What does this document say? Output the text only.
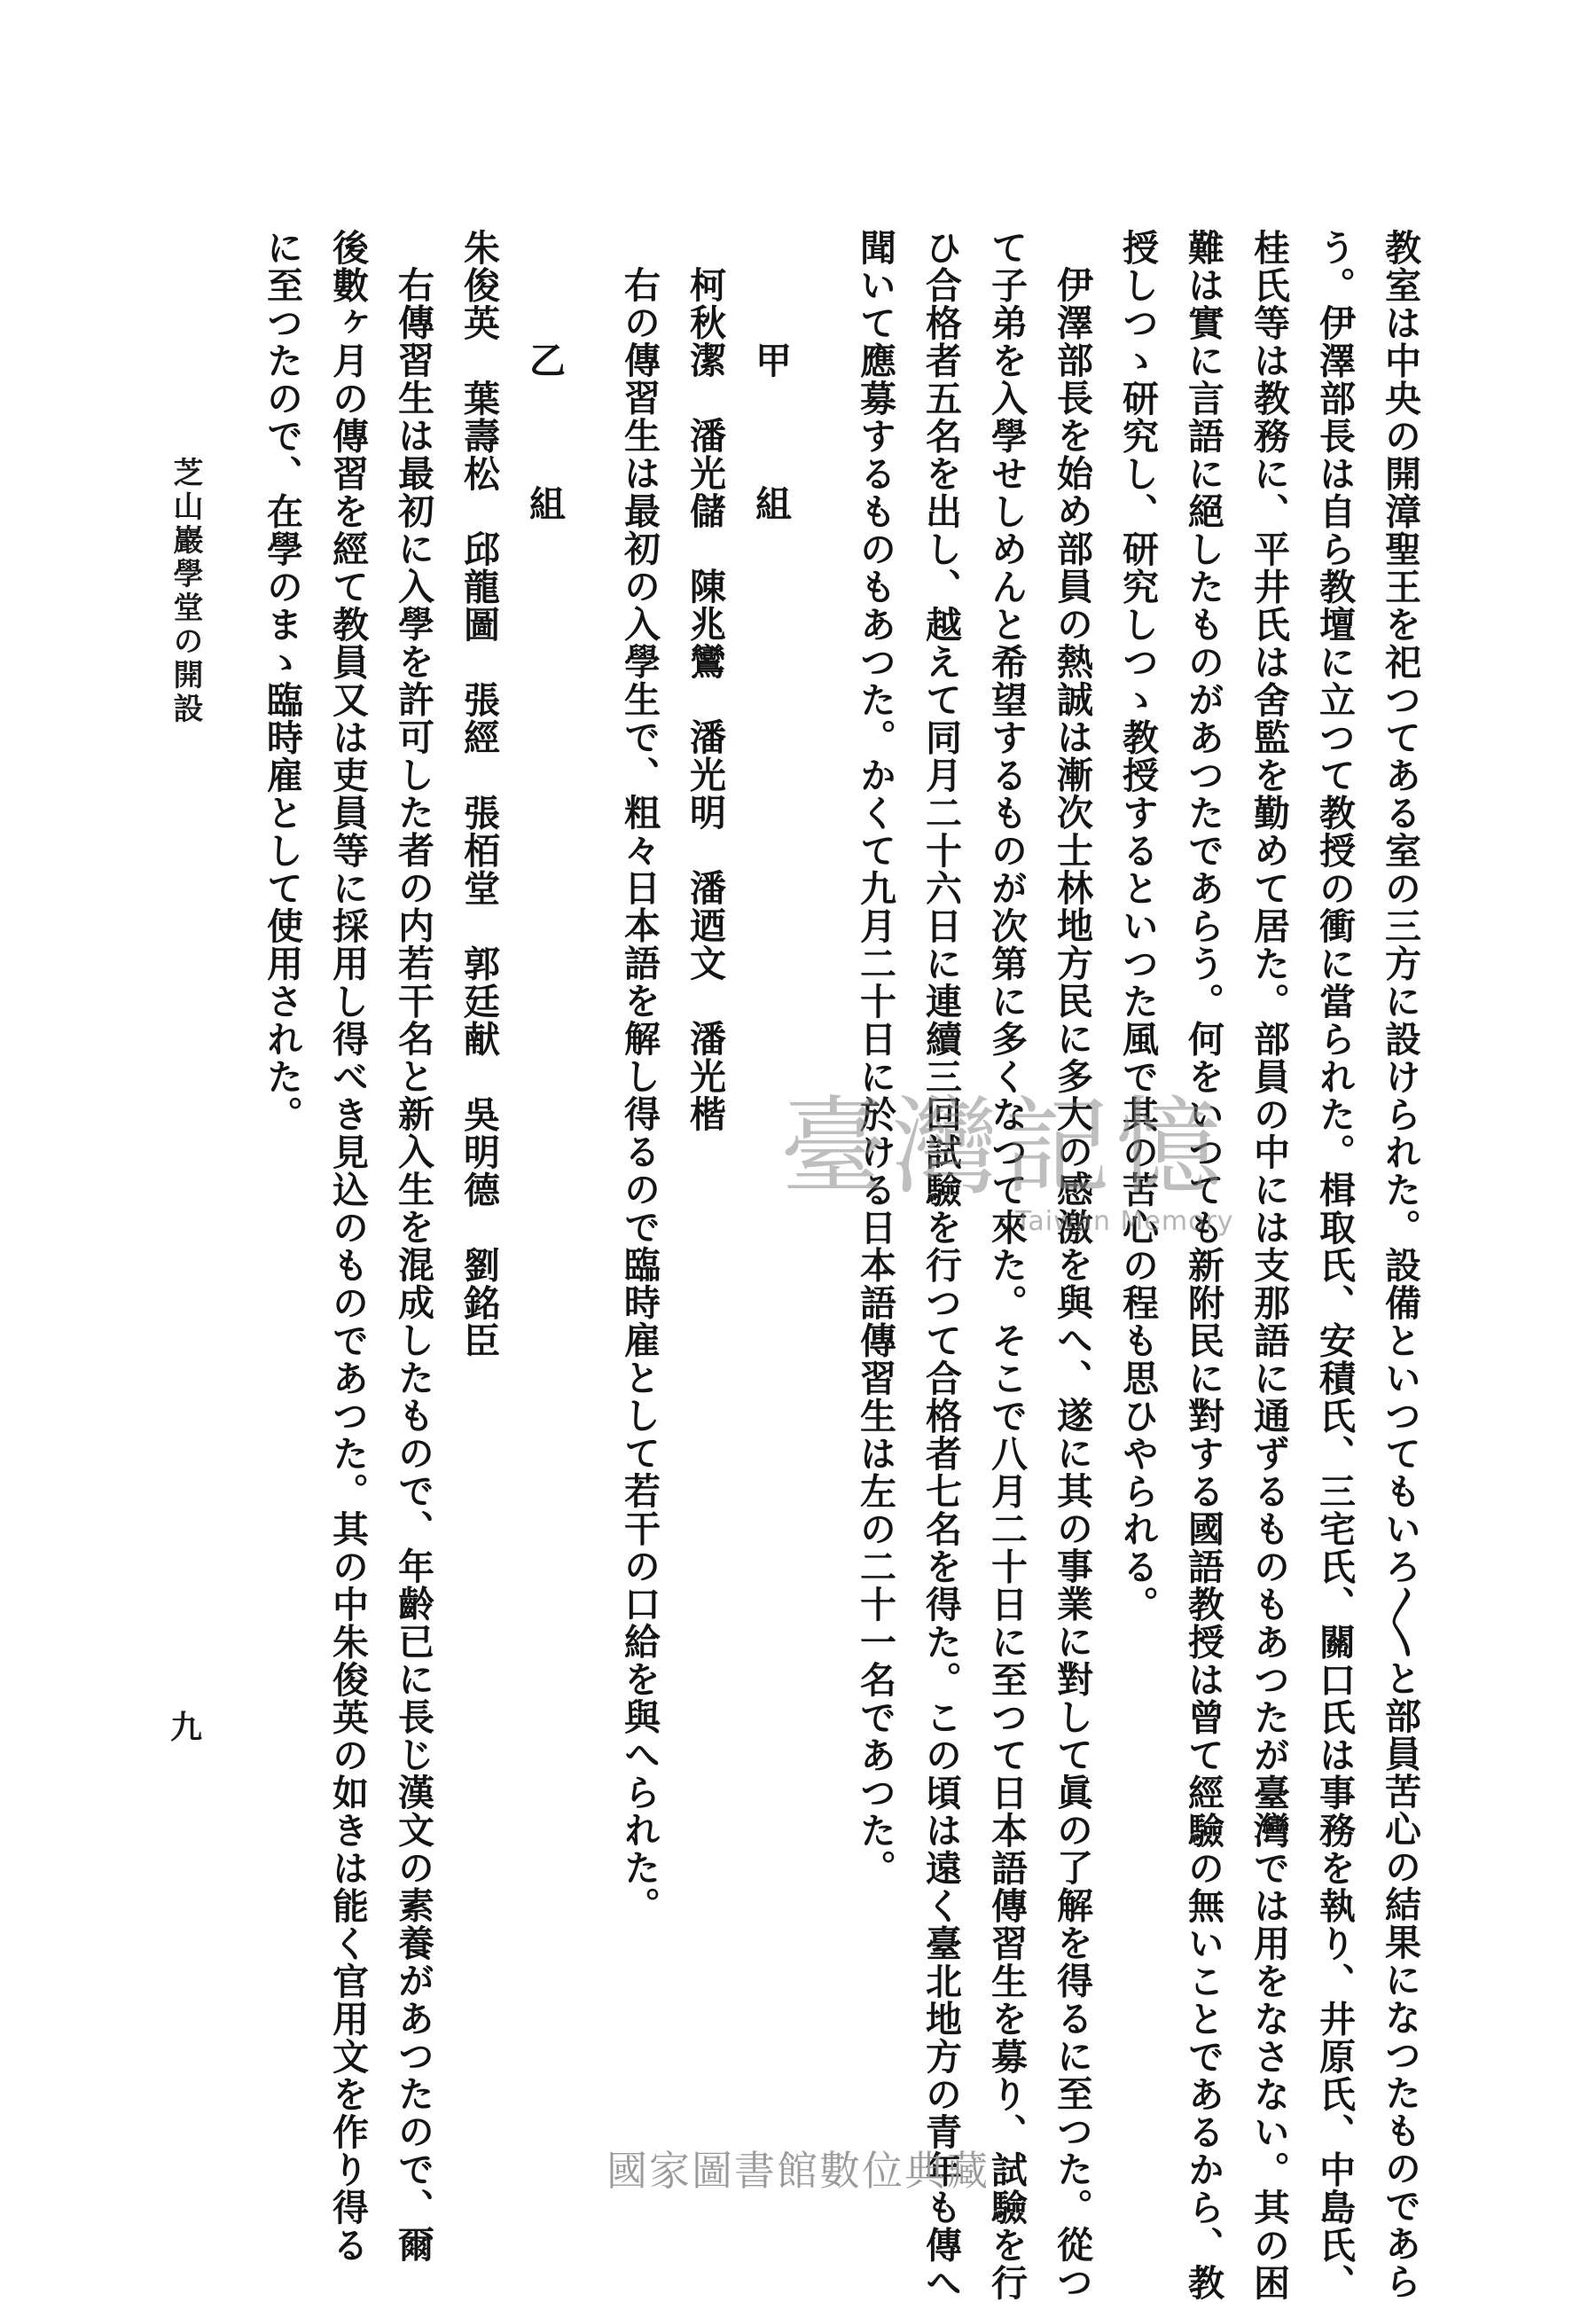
教室は中央の開漳聖王を祀つてある室の三方に設けられた。設備といつてもいろ〳〵と部員苦心の結果になつたものであら
う。伊澤部長は自ら教壇に立つて教授の衝に當られた。楫取氏、安積氏、三宅氏、關口氏は事務を執り、井原氏、中島氏、
桂氏等は教務に、平井氏は舍監を勤めて居た。部員の中には支那語に通ずるものもあつたが臺灣では用をなさない。其の困
難は實に言語に絕したものがあつたであらう。何をいつても新附民に對する國語教授は曾て經驗の無いことであるから、教
授しつゝ研究し、研究しつゝ教授するといつた風で其の苦心の程も思ひやられる。
伊澤部長を始め部員の熱誠は漸次士林地方民に多大の感激を與へ、遂に其の事業に對して眞の了解を得るに至つた。從つ
て子弟を入學せしめんと希望するものが次第に多くなつて來た。そこで八月二十日に至つて日本語傳習生を募り、試驗を行
ひ合格者五名を出し、越えて同月二十六日に連續三回試驗を行つて合格者七名を得た。この頃は遠く臺北地方の青年も傳へ
聞いて應募するものもあつた。かくて九月二十日に於ける日本語傳習生は左の二十一名であつた。
甲　組
柯秋潔　潘光儲　陳兆鸞　潘光明　潘迺文　潘光楷
右の傳習生は最初の入學生で、粗々日本語を解し得るので臨時雇として若干の口給を與へられた。
乙　組
朱俊英　葉壽松　邱龍圖　張經　張栢堂　郭廷献　吳明德　劉銘臣
右傳習生は最初に入學を許可した者の内若干名と新入生を混成したもので、年齡已に長じ漢文の素養があつたので、爾
後數ヶ月の傳習を經て教員又は吏員等に採用し得べき見込のものであつた。其の中朱俊英の如きは能く官用文を作り得る
に至つたので、在學のまゝ臨時雇として使用された。
芝山巖學堂の開設
九
臺灣記憶
Taiwan Memory
國家圖書館數位典藏
